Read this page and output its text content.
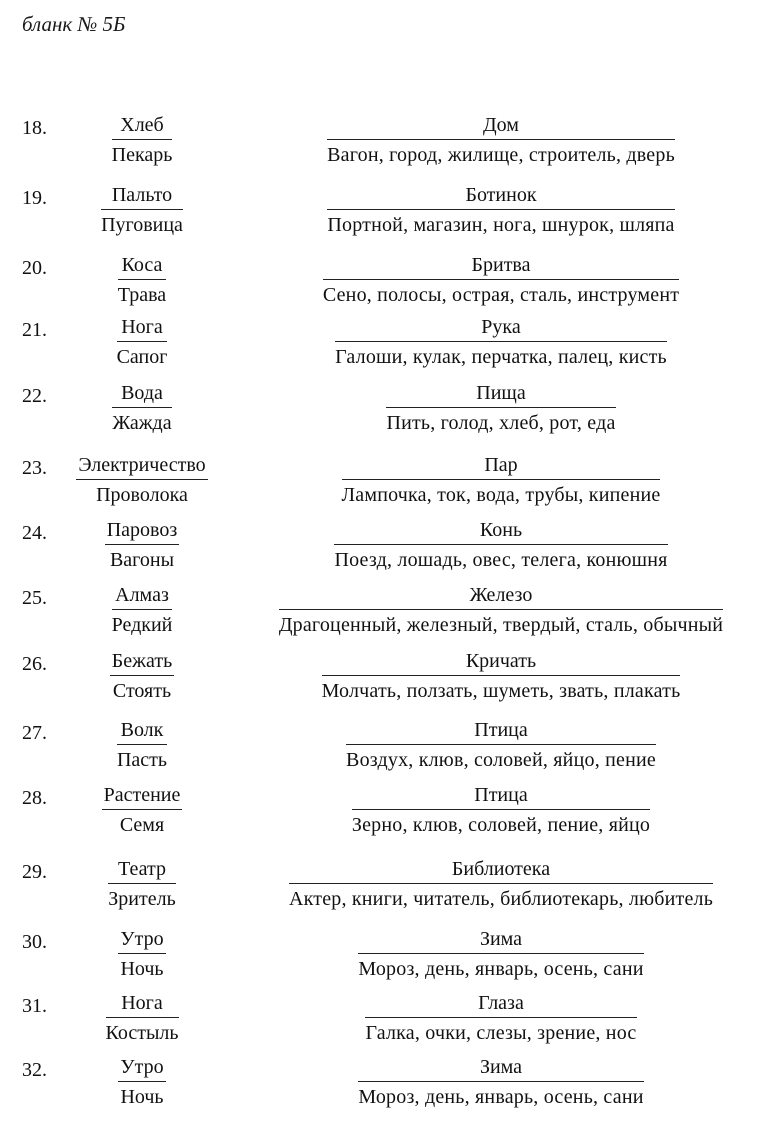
бланк № 5Б
18.	$\frac{\text{Хлеб}}{\text{Пекарь}}$	$\frac{\text{Дом}}{\text{Вагон, город, жилище, строитель, дверь}}$
19.	$\frac{\text{Пальто}}{\text{Пуговица}}$	$\frac{\text{Ботинок}}{\text{Портной, магазин, нога, шнурок, шляпа}}$
20.	$\frac{\text{Коса}}{\text{Трава}}$	$\frac{\text{Бритва}}{\text{Сено, полосы, острая, сталь, инструмент}}$
21.	$\frac{\text{Нога}}{\text{Сапог}}$	$\frac{\text{Рука}}{\text{Галоши, кулак, перчатка, палец, кисть}}$
22.	$\frac{\text{Вода}}{\text{Жажда}}$	$\frac{\text{Пища}}{\text{Пить, голод, хлеб, рот, еда}}$
23. $\frac{\text{Электричество}}{\text{Проволока}}$	$\frac{\text{Пар}}{\text{Лампочка, ток, вода, трубы, кипение}}$
24.	$\frac{\text{Паровоз}}{\text{Вагоны}}$	$\frac{\text{Конь}}{\text{Поезд, лошадь, овес, телега, конюшня}}$
25.	$\frac{\text{Алмаз}}{\text{Редкий}}$	$\frac{\text{Железо}}{\text{Драгоценный, железный, твердый, сталь, обычный}}$
26.	$\frac{\text{Бежать}}{\text{Стоять}}$	$\frac{\text{Кричать}}{\text{Молчать, ползать, шуметь, звать, плакать}}$
27.	$\frac{\text{Волк}}{\text{Пасть}}$	$\frac{\text{Птица}}{\text{Воздух, клюв, соловей, яйцо, пение}}$
28.	$\frac{\text{Растение}}{\text{Семя}}$	$\frac{\text{Птица}}{\text{Зерно, клюв, соловей, пение, яйцо}}$
29.	$\frac{\text{Театр}}{\text{Зритель}}$	$\frac{\text{Библиотека}}{\text{Актер, книги, читатель, библиотекарь, любитель}}$
30.	$\frac{\text{Утро}}{\text{Ночь}}$	$\frac{\text{Зима}}{\text{Мороз, день, январь, осень, сани}}$
31.	$\frac{\text{Нога}}{\text{Костыль}}$	$\frac{\text{Глаза}}{\text{Галка, очки, слезы, зрение, нос}}$
32.	$\frac{\text{Утро}}{\text{Ночь}}$	$\frac{\text{Зима}}{\text{Мороз, день, январь, осень, сани}}$
